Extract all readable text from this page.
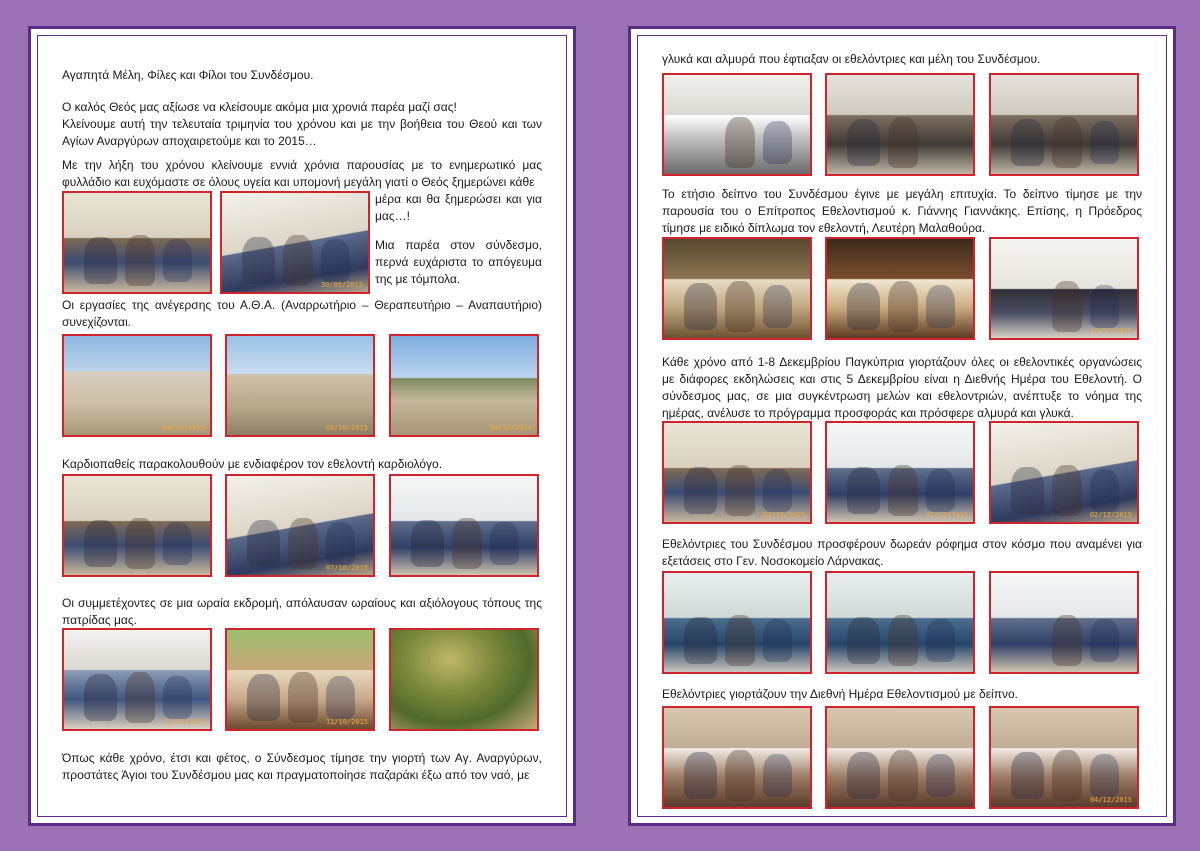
Αγαπητά Μέλη, Φίλες και Φίλοι του Συνδέσμου.

Ο καλός Θεός μας αξίωσε να κλείσουμε ακόμα μια χρονιά παρέα μαζί σας!

Κλείνουμε αυτή την τελευταία τριμηνία του χρόνου και με την βοήθεια του Θεού και των Αγίων Αναργύρων αποχαιρετούμε και το 2015…

Με την λήξη του χρόνου κλείνουμε εννιά χρόνια παρουσίας με το ενημερωτικό μας φυλλάδιο και ευχόμαστε σε όλους υγεία και υπομονή μεγάλη γιατί ο Θεός ξημερώνει κάθε

30/09/2015

μέρα και θα ξημερώσει και για μας…!

Μια παρέα στον σύνδεσμο, περνά ευχάριστα το απόγευμα της με τόμπολα.

Οι εργασίες της ανέγερσης του Α.Θ.Α. (Αναρρωτήριο – Θεραπευτήριο – Αναπαυτήριο) συνεχίζονται.

08/10/2015	08/10/2015	08/10/2015

Καρδιοπαθείς παρακολουθούν με ενδιαφέρον τον εθελοντή καρδιολόγο.

07/10/2015

Οι συμμετέχοντες σε μια ωραία εκδρομή, απόλαυσαν ωραίους και αξιόλογους τόπους της πατρίδας μας.

11/10/2015	11/10/2015

Όπως κάθε χρόνο, έτσι και φέτος, ο Σύνδεσμος τίμησε την γιορτή των Αγ. Αναργύρων, προστάτες Άγιοι του Συνδέσμου μας και πραγματοποίησε παζαράκι έξω από τον ναό, με

γλυκά και αλμυρά που έφτιαξαν οι εθελόντριες και μέλη του Συνδέσμου.

Το ετήσιο δείπνο του Συνδέσμου έγινε με μεγάλη επιτυχία. Το δείπνο τίμησε με την παρουσία του ο Επίτροπος Εθελοντισμού κ. Γιάννης Γιαννάκης. Επίσης, η Πρόεδρος τίμησε με ειδικό δίπλωμα τον εθελοντή, Λευτέρη Μαλαθούρα.

13/11/2015

Κάθε χρόνο από 1-8 Δεκεμβρίου Παγκύπρια γιορτάζουν όλες οι εθελοντικές οργανώσεις με διάφορες εκδηλώσεις και στις 5 Δεκεμβρίου είναι η Διεθνής Ημέρα του Εθελοντή. Ο σύνδεσμος μας, σε μια συγκέντρωση μελών και εθελοντριών, ανέπτυξε το νόημα της ημέρας, ανέλυσε το πρόγραμμα προσφοράς και πρόσφερε αλμυρά και γλυκά.

02/12/2015	02/12/2015	02/12/2015

Εθελόντριες του Συνδέσμου προσφέρουν δωρεάν ρόφημα στον κόσμο που αναμένει για εξετάσεις στο Γεν. Νοσοκομείο Λάρνακας.

Εθελόντριες γιορτάζουν την Διεθνή Ημέρα Εθελοντισμού με δείπνο.

04/12/2015
